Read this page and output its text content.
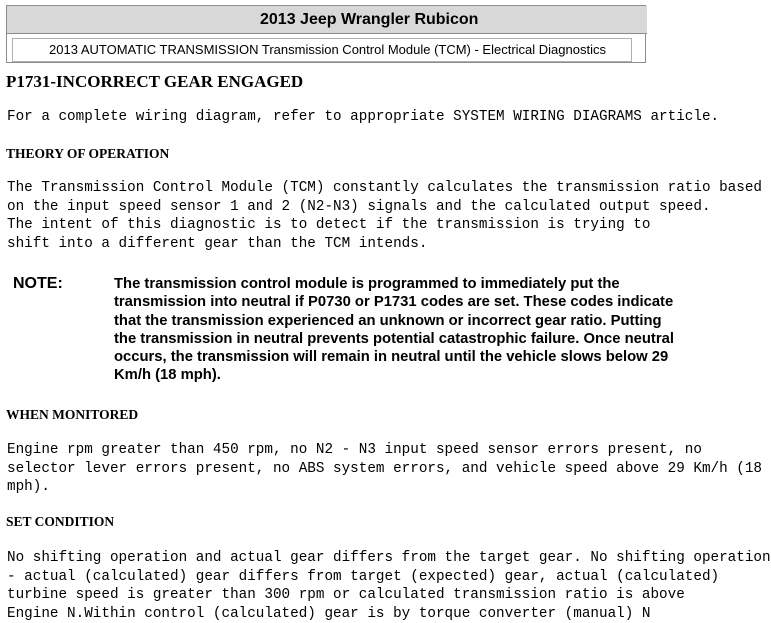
2013 Jeep Wrangler Rubicon
2013 AUTOMATIC TRANSMISSION Transmission Control Module (TCM) - Electrical Diagnostics
P1731-INCORRECT GEAR ENGAGED
For a complete wiring diagram, refer to appropriate SYSTEM WIRING DIAGRAMS article.
THEORY OF OPERATION
The Transmission Control Module (TCM) constantly calculates the transmission ratio based
on the input speed sensor 1 and 2 (N2-N3) signals and the calculated output speed.
The intent of this diagnostic is to detect if the transmission is trying to
shift into a different gear than the TCM intends.
NOTE:	The transmission control module is programmed to immediately put the
transmission into neutral if P0730 or P1731 codes are set. These codes indicate
that the transmission experienced an unknown or incorrect gear ratio. Putting
the transmission in neutral prevents potential catastrophic failure. Once neutral
occurs, the transmission will remain in neutral until the vehicle slows below 29
Km/h (18 mph).
WHEN MONITORED
Engine rpm greater than 450 rpm, no N2 - N3 input speed sensor errors present, no
selector lever errors present, no ABS system errors, and vehicle speed above 29 Km/h (18
mph).
SET CONDITION
No shifting operation and actual gear differs from the target gear. No shifting operation
- actual (calculated) gear differs from target (expected) gear, actual (calculated)
turbine speed is greater than 300 rpm or calculated transmission ratio is above
Engine N.Within control (calculated) gear is by torque converter (manual) N
